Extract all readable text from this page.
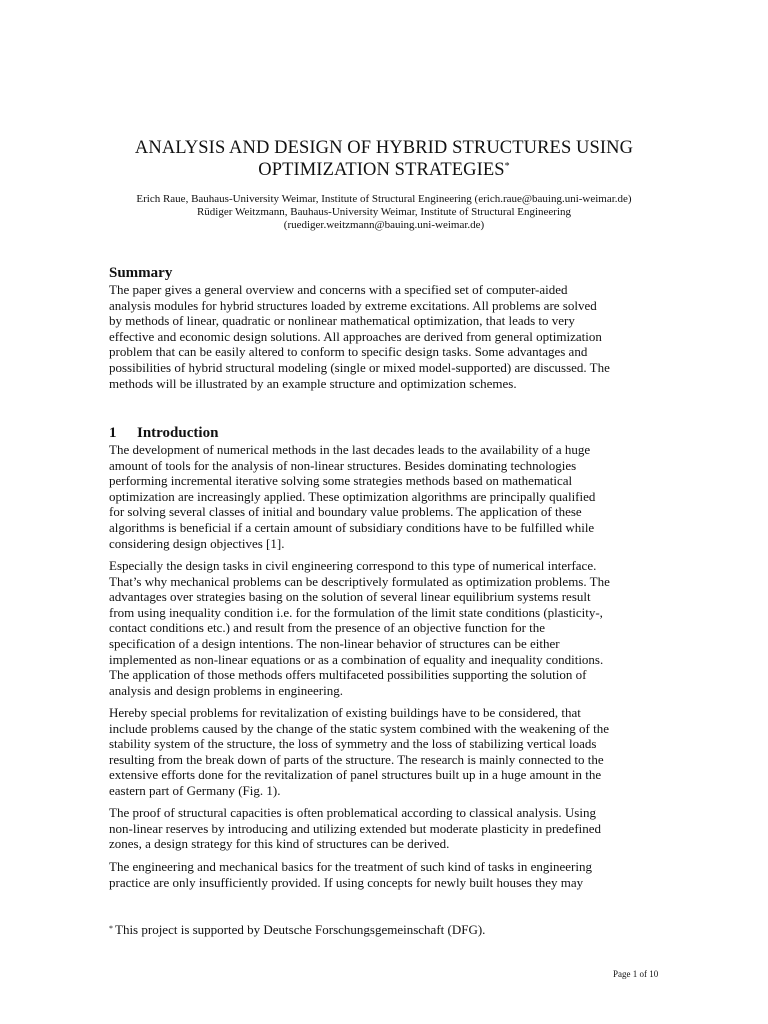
ANALYSIS AND DESIGN OF HYBRID STRUCTURES USING
OPTIMIZATION STRATEGIES*
Erich Raue, Bauhaus-University Weimar, Institute of Structural Engineering (erich.raue@bauing.uni-weimar.de)
Rüdiger Weitzmann, Bauhaus-University Weimar, Institute of Structural Engineering
(ruediger.weitzmann@bauing.uni-weimar.de)
Summary

The paper gives a general overview and concerns with a specified set of computer-aided
analysis modules for hybrid structures loaded by extreme excitations. All problems are solved
by methods of linear, quadratic or nonlinear mathematical optimization, that leads to very
effective and economic design solutions. All approaches are derived from general optimization
problem that can be easily altered to conform to specific design tasks. Some advantages and
possibilities of hybrid structural modeling (single or mixed model-supported) are discussed. The
methods will be illustrated by an example structure and optimization schemes.

1 Introduction

The development of numerical methods in the last decades leads to the availability of a huge
amount of tools for the analysis of non-linear structures. Besides dominating technologies
performing incremental iterative solving some strategies methods based on mathematical
optimization are increasingly applied. These optimization algorithms are principally qualified
for solving several classes of initial and boundary value problems. The application of these
algorithms is beneficial if a certain amount of subsidiary conditions have to be fulfilled while
considering design objectives [1].

Especially the design tasks in civil engineering correspond to this type of numerical interface.
That’s why mechanical problems can be descriptively formulated as optimization problems. The
advantages over strategies basing on the solution of several linear equilibrium systems result
from using inequality condition i.e. for the formulation of the limit state conditions (plasticity-,
contact conditions etc.) and result from the presence of an objective function for the
specification of a design intentions. The non-linear behavior of structures can be either
implemented as non-linear equations or as a combination of equality and inequality conditions.
The application of those methods offers multifaceted possibilities supporting the solution of
analysis and design problems in engineering.

Hereby special problems for revitalization of existing buildings have to be considered, that
include problems caused by the change of the static system combined with the weakening of the
stability system of the structure, the loss of symmetry and the loss of stabilizing vertical loads
resulting from the break down of parts of the structure. The research is mainly connected to the
extensive efforts done for the revitalization of panel structures built up in a huge amount in the
eastern part of Germany (Fig. 1).

The proof of structural capacities is often problematical according to classical analysis. Using
non-linear reserves by introducing and utilizing extended but moderate plasticity in predefined
zones, a design strategy for this kind of structures can be derived.

The engineering and mechanical basics for the treatment of such kind of tasks in engineering
practice are only insufficiently provided. If using concepts for newly built houses they may

* This project is supported by Deutsche Forschungsgemeinschaft (DFG).
Page 1 of 10
